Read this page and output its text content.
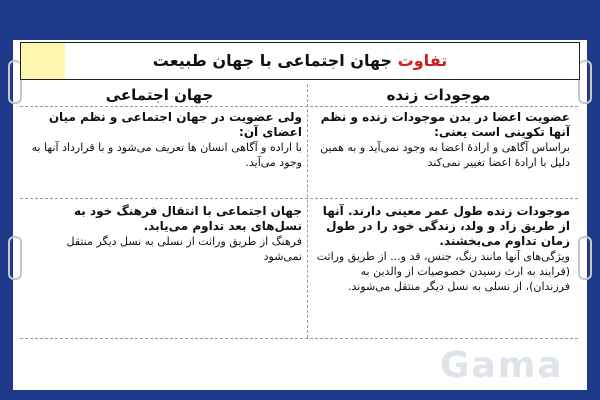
تفاوت جهان اجتماعی با جهان طبیعت
موجودات زنده
جهان اجتماعی
عضویت اعضا در بدن موجودات زنده و نظم آنها تکوینی است یعنی:
براساس آگاهی و ارادهٔ اعضا به وجود نمی‌آید و به همین دلیل با ارادهٔ اعضا تغییر نمی‌کند
ولی عضویت در جهان اجتماعی و نظم میان اعضای آن:
با اراده و آگاهی انسان ها تعریف می‌شود و با قرارداد آنها به وجود می‌آید.
موجودات زنده طول عمر معینی دارند. آنها از طریق زاد و ولد، زندگی خود را در طول زمان تداوم می‌بخشند.
ویژگی‌های آنها مانند رنگ، جنس، قد و... از طریق وراثت (فرایند به ارث رسیدن خصوصیات از والدین به فرزندان)، از نسلی به نسل دیگر منتقل می‌شوند.
جهان اجتماعی با انتقال فرهنگ خود به نسل‌های بعد تداوم می‌یابد.
فرهنگ از طریق وراثت از نسلی به نسل دیگر منتقل نمی‌شود
Gama
